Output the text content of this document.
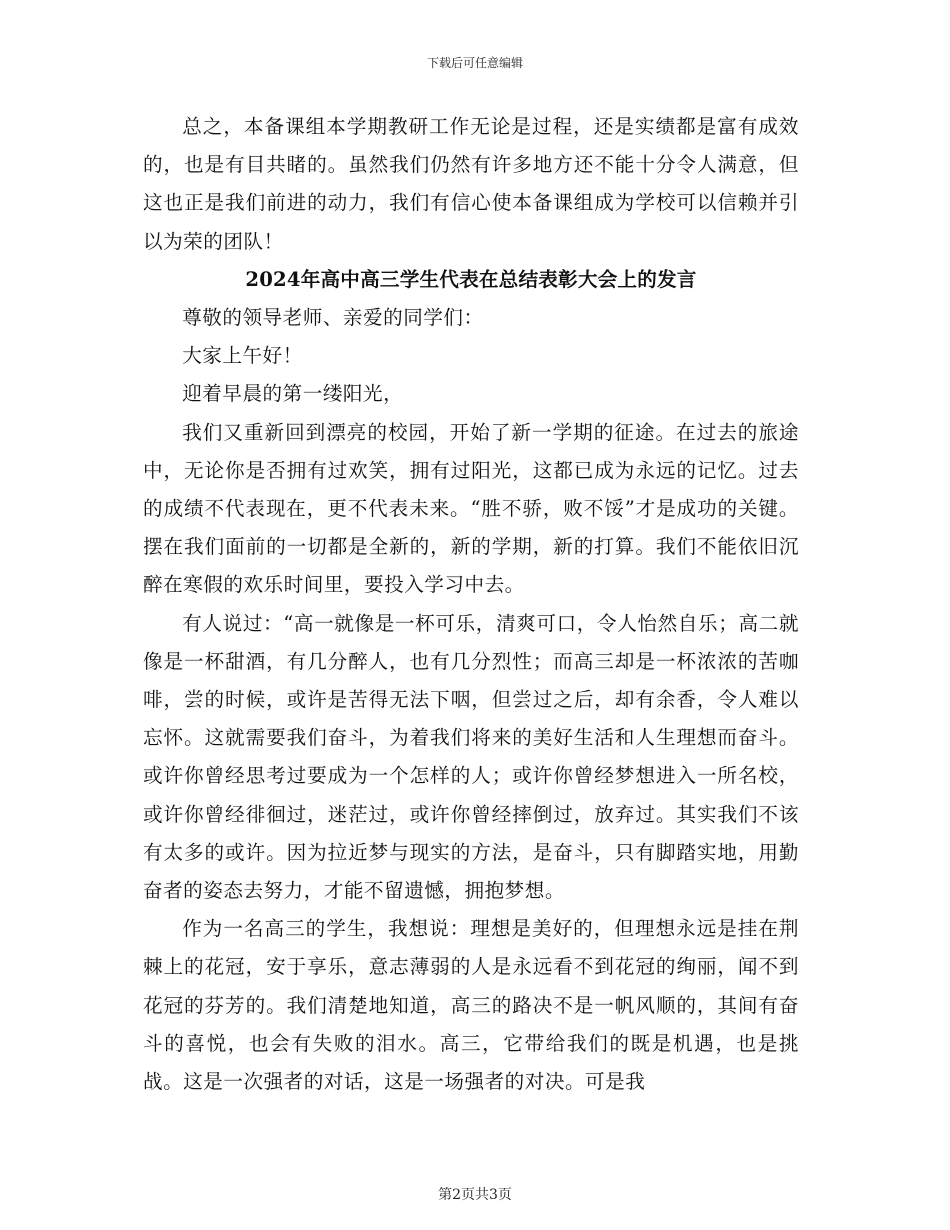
下载后可任意编辑

总之，本备课组本学期教研工作无论是过程，还是实绩都是富有成效的，也是有目共睹的。虽然我们仍然有许多地方还不能十分令人满意，但这也正是我们前进的动力，我们有信心使本备课组成为学校可以信赖并引以为荣的团队！

2024年高中高三学生代表在总结表彰大会上的发言

尊敬的领导老师、亲爱的同学们：

大家上午好！

迎着早晨的第一缕阳光，

我们又重新回到漂亮的校园，开始了新一学期的征途。在过去的旅途中，无论你是否拥有过欢笑，拥有过阳光，这都已成为永远的记忆。过去的成绩不代表现在，更不代表未来。“胜不骄，败不馁”才是成功的关键。摆在我们面前的一切都是全新的，新的学期，新的打算。我们不能依旧沉醉在寒假的欢乐时间里，要投入学习中去。

有人说过：“高一就像是一杯可乐，清爽可口，令人怡然自乐；高二就像是一杯甜酒，有几分醉人，也有几分烈性；而高三却是一杯浓浓的苦咖啡，尝的时候，或许是苦得无法下咽，但尝过之后，却有余香，令人难以忘怀。这就需要我们奋斗，为着我们将来的美好生活和人生理想而奋斗。或许你曾经思考过要成为一个怎样的人；或许你曾经梦想进入一所名校，或许你曾经徘徊过，迷茫过，或许你曾经摔倒过，放弃过。其实我们不该有太多的或许。因为拉近梦与现实的方法，是奋斗，只有脚踏实地，用勤奋者的姿态去努力，才能不留遗憾，拥抱梦想。

作为一名高三的学生，我想说：理想是美好的，但理想永远是挂在荆棘上的花冠，安于享乐，意志薄弱的人是永远看不到花冠的绚丽，闻不到花冠的芬芳的。我们清楚地知道，高三的路决不是一帆风顺的，其间有奋斗的喜悦，也会有失败的泪水。高三，它带给我们的既是机遇，也是挑战。这是一次强者的对话，这是一场强者的对决。可是我

第2页共3页
